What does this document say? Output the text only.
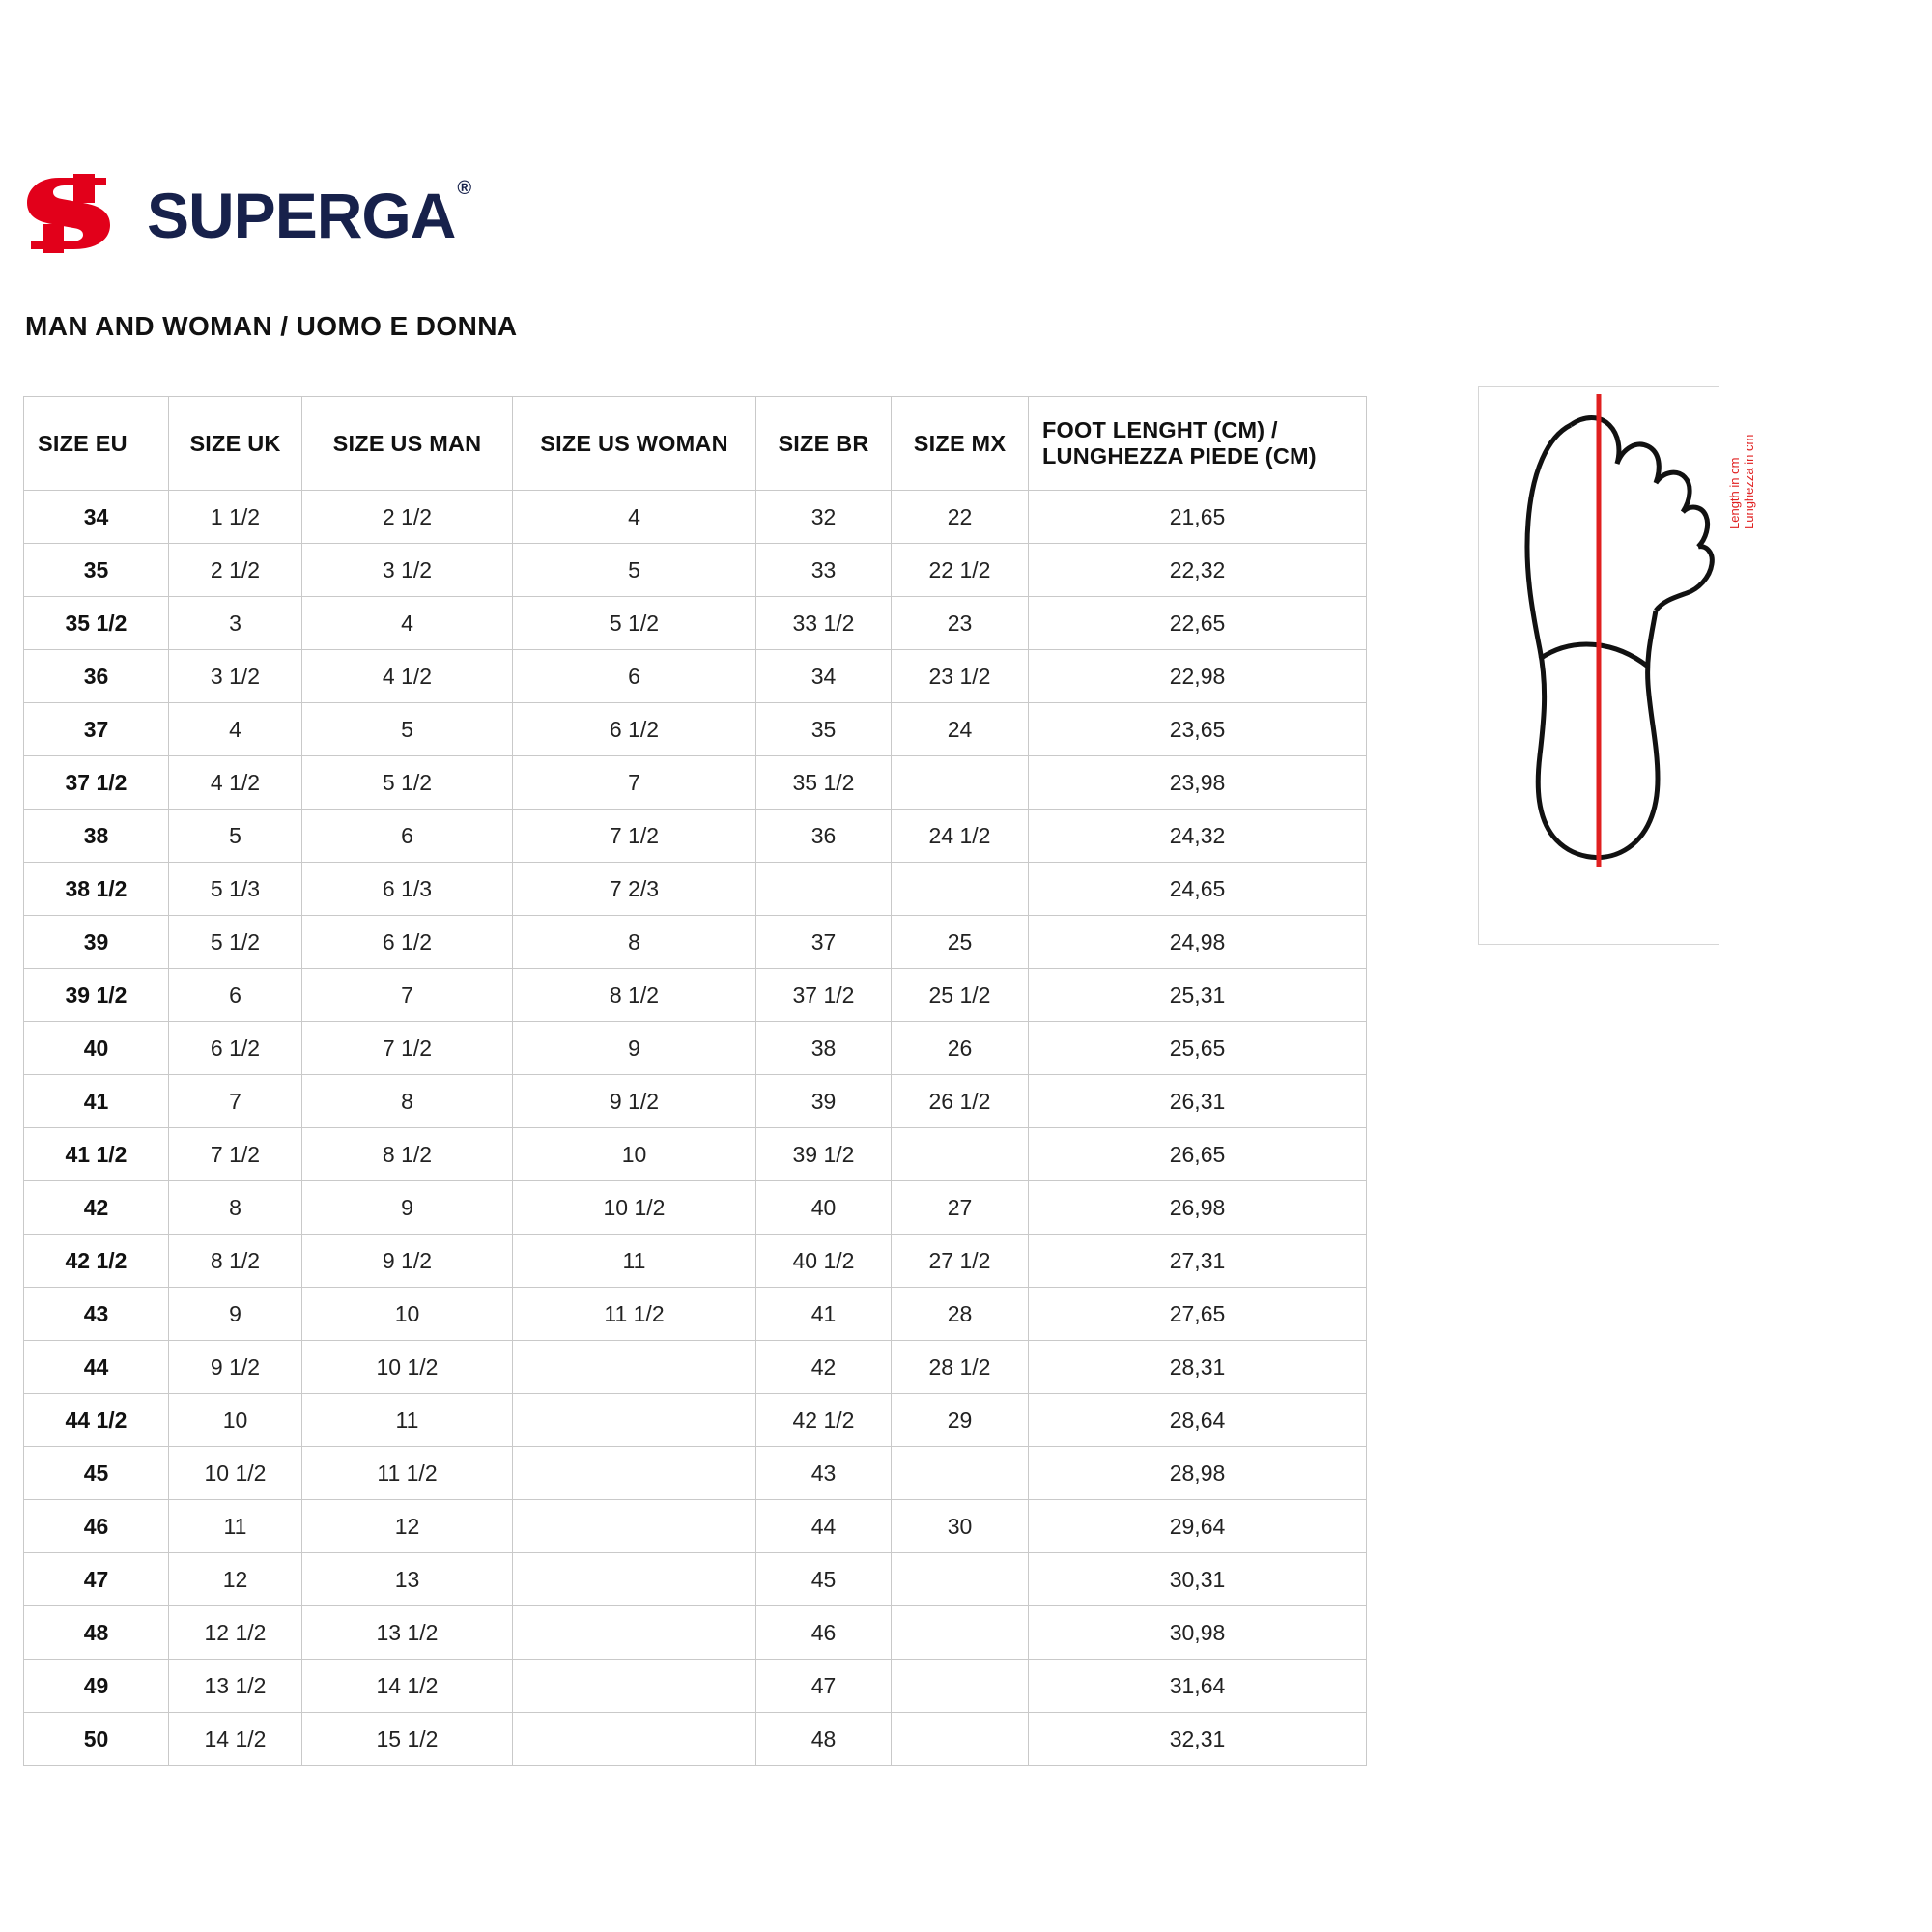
SUPERGA ®
MAN AND WOMAN / UOMO E DONNA
SIZE EU	SIZE UK	SIZE US MAN	SIZE US WOMAN	SIZE BR	SIZE MX	FOOT LENGHT (CM) /
LUNGHEZZA PIEDE (CM)

34	1 1/2	2 1/2	4	32	22	21,65
35	2 1/2	3 1/2	5	33	22 1/2	22,32
35 1/2	3	4	5 1/2	33 1/2	23	22,65
36	3 1/2	4 1/2	6	34	23 1/2	22,98
37	4	5	6 1/2	35	24	23,65
37 1/2	4 1/2	5 1/2	7	35 1/2		23,98
38	5	6	7 1/2	36	24 1/2	24,32
38 1/2	5 1/3	6 1/3	7 2/3			24,65
39	5 1/2	6 1/2	8	37	25	24,98
39 1/2	6	7	8 1/2	37 1/2	25 1/2	25,31
40	6 1/2	7 1/2	9	38	26	25,65
41	7	8	9 1/2	39	26 1/2	26,31
41 1/2	7 1/2	8 1/2	10	39 1/2		26,65
42	8	9	10 1/2	40	27	26,98
42 1/2	8 1/2	9 1/2	11	40 1/2	27 1/2	27,31
43	9	10	11 1/2	41	28	27,65
44	9 1/2	10 1/2		42	28 1/2	28,31
44 1/2	10	11		42 1/2	29	28,64
45	10 1/2	11 1/2		43		28,98
46	11	12		44	30	29,64
47	12	13		45		30,31
48	12 1/2	13 1/2		46		30,98
49	13 1/2	14 1/2		47		31,64
50	14 1/2	15 1/2		48		32,31
Length in cm Lunghezza in cm
